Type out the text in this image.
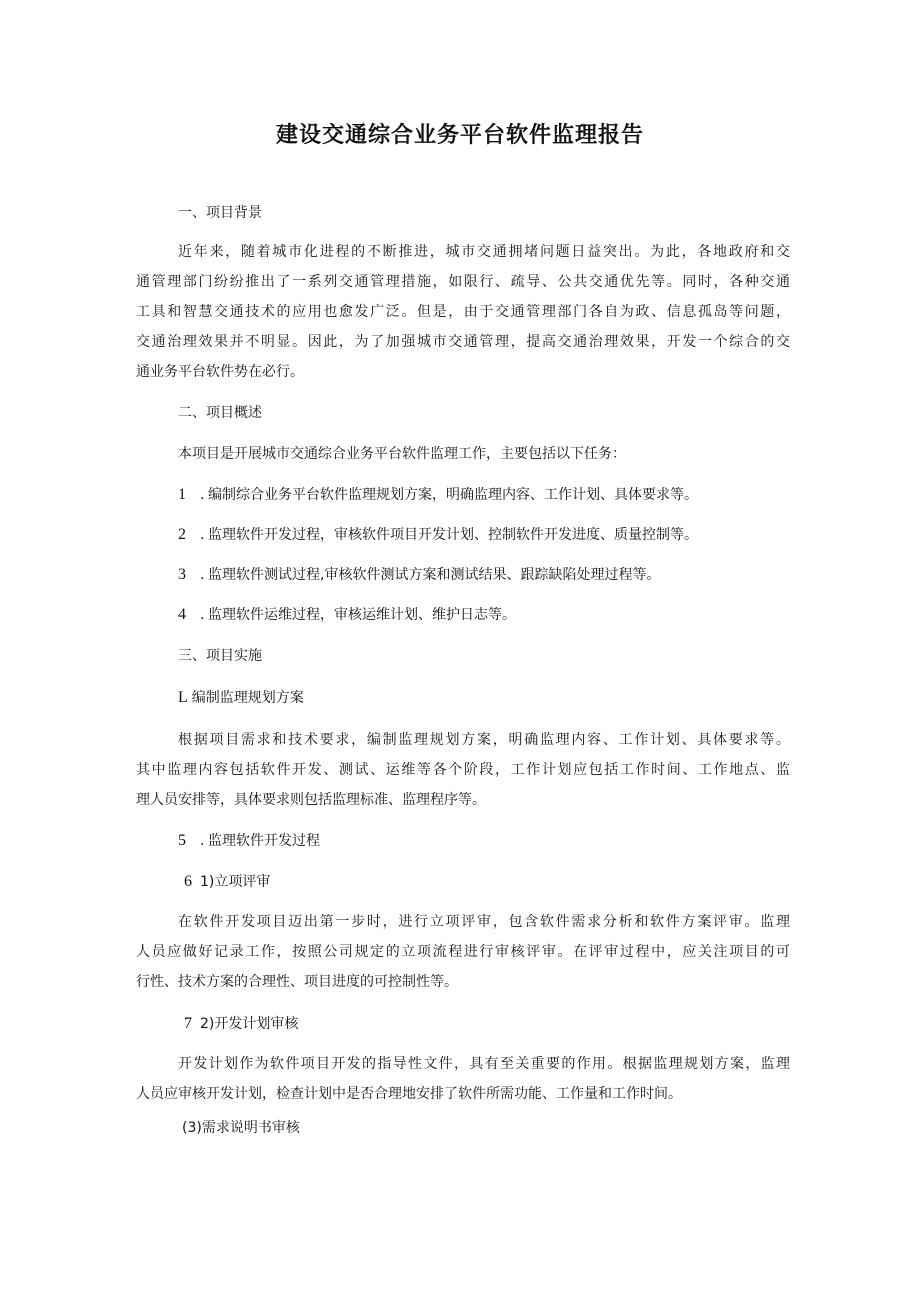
建设交通综合业务平台软件监理报告

一、项目背景

近年来，随着城市化进程的不断推进，城市交通拥堵问题日益突出。为此，各地政府和交

通管理部门纷纷推出了一系列交通管理措施，如限行、疏导、公共交通优先等。同时，各种交通

工具和智慧交通技术的应用也愈发广泛。但是，由于交通管理部门各自为政、信息孤岛等问题，

交通治理效果并不明显。因此，为了加强城市交通管理，提高交通治理效果，开发一个综合的交

通业务平台软件势在必行。

二、项目概述

本项目是开展城市交通综合业务平台软件监理工作，主要包括以下任务：

1 . 编制综合业务平台软件监理规划方案，明确监理内容、工作计划、具体要求等。
2 . 监理软件开发过程，审核软件项目开发计划、控制软件开发进度、质量控制等。
3 . 监理软件测试过程,审核软件测试方案和测试结果、跟踪缺陷处理过程等。
4 . 监理软件运维过程，审核运维计划、维护日志等。

三、项目实施

L 编制监理规划方案

根据项目需求和技术要求，编制监理规划方案，明确监理内容、工作计划、具体要求等。

其中监理内容包括软件开发、测试、运维等各个阶段，工作计划应包括工作时间、工作地点、监

理人员安排等，具体要求则包括监理标准、监理程序等。

5 . 监理软件开发过程
6 1)立项评审

在软件开发项目迈出第一步时，进行立项评审，包含软件需求分析和软件方案评审。监理

人员应做好记录工作，按照公司规定的立项流程进行审核评审。在评审过程中，应关注项目的可

行性、技术方案的合理性、项目进度的可控制性等。

7 2)开发计划审核

开发计划作为软件项目开发的指导性文件，具有至关重要的作用。根据监理规划方案，监理

人员应审核开发计划，检查计划中是否合理地安排了软件所需功能、工作量和工作时间。

(3)需求说明书审核
